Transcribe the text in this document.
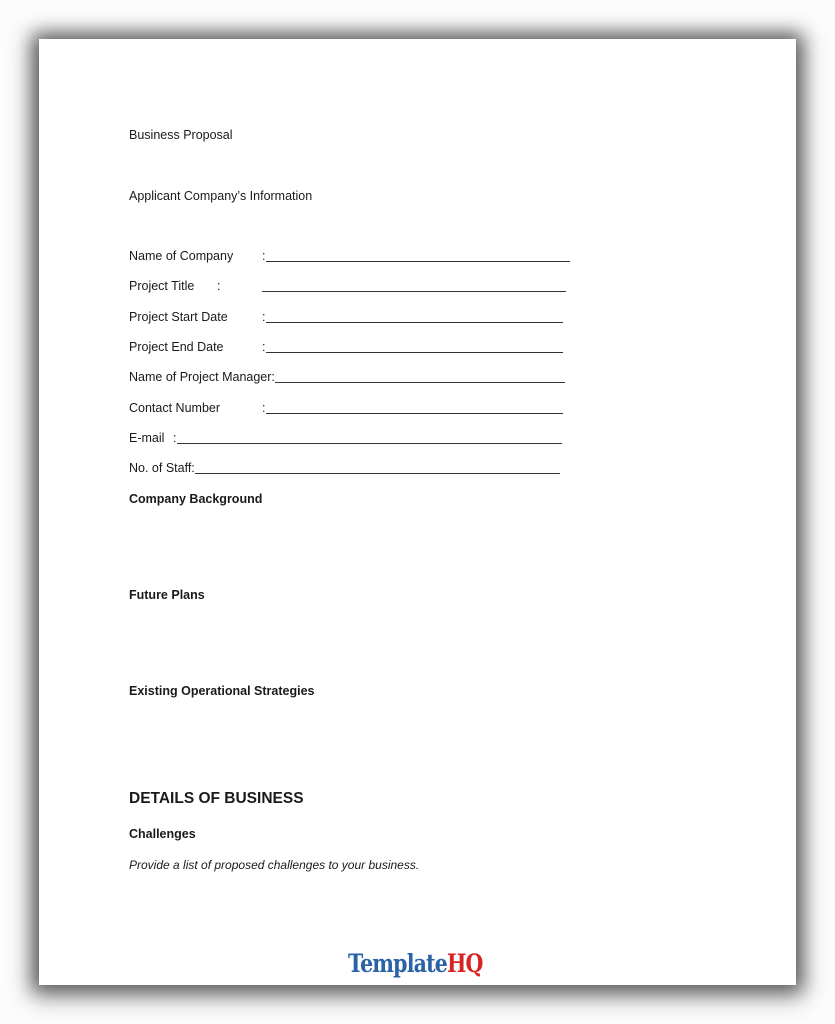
Business Proposal
Applicant Company’s Information
Name of Company :
Project Title :
Project Start Date	:
Project End Date	:
Name of Project Manager:
Contact Number	:
E-mail :
No. of Staff:
Company Background
Future Plans
Existing Operational Strategies
DETAILS OF BUSINESS
Challenges
Provide a list of proposed challenges to your business.
TemplateHQ
